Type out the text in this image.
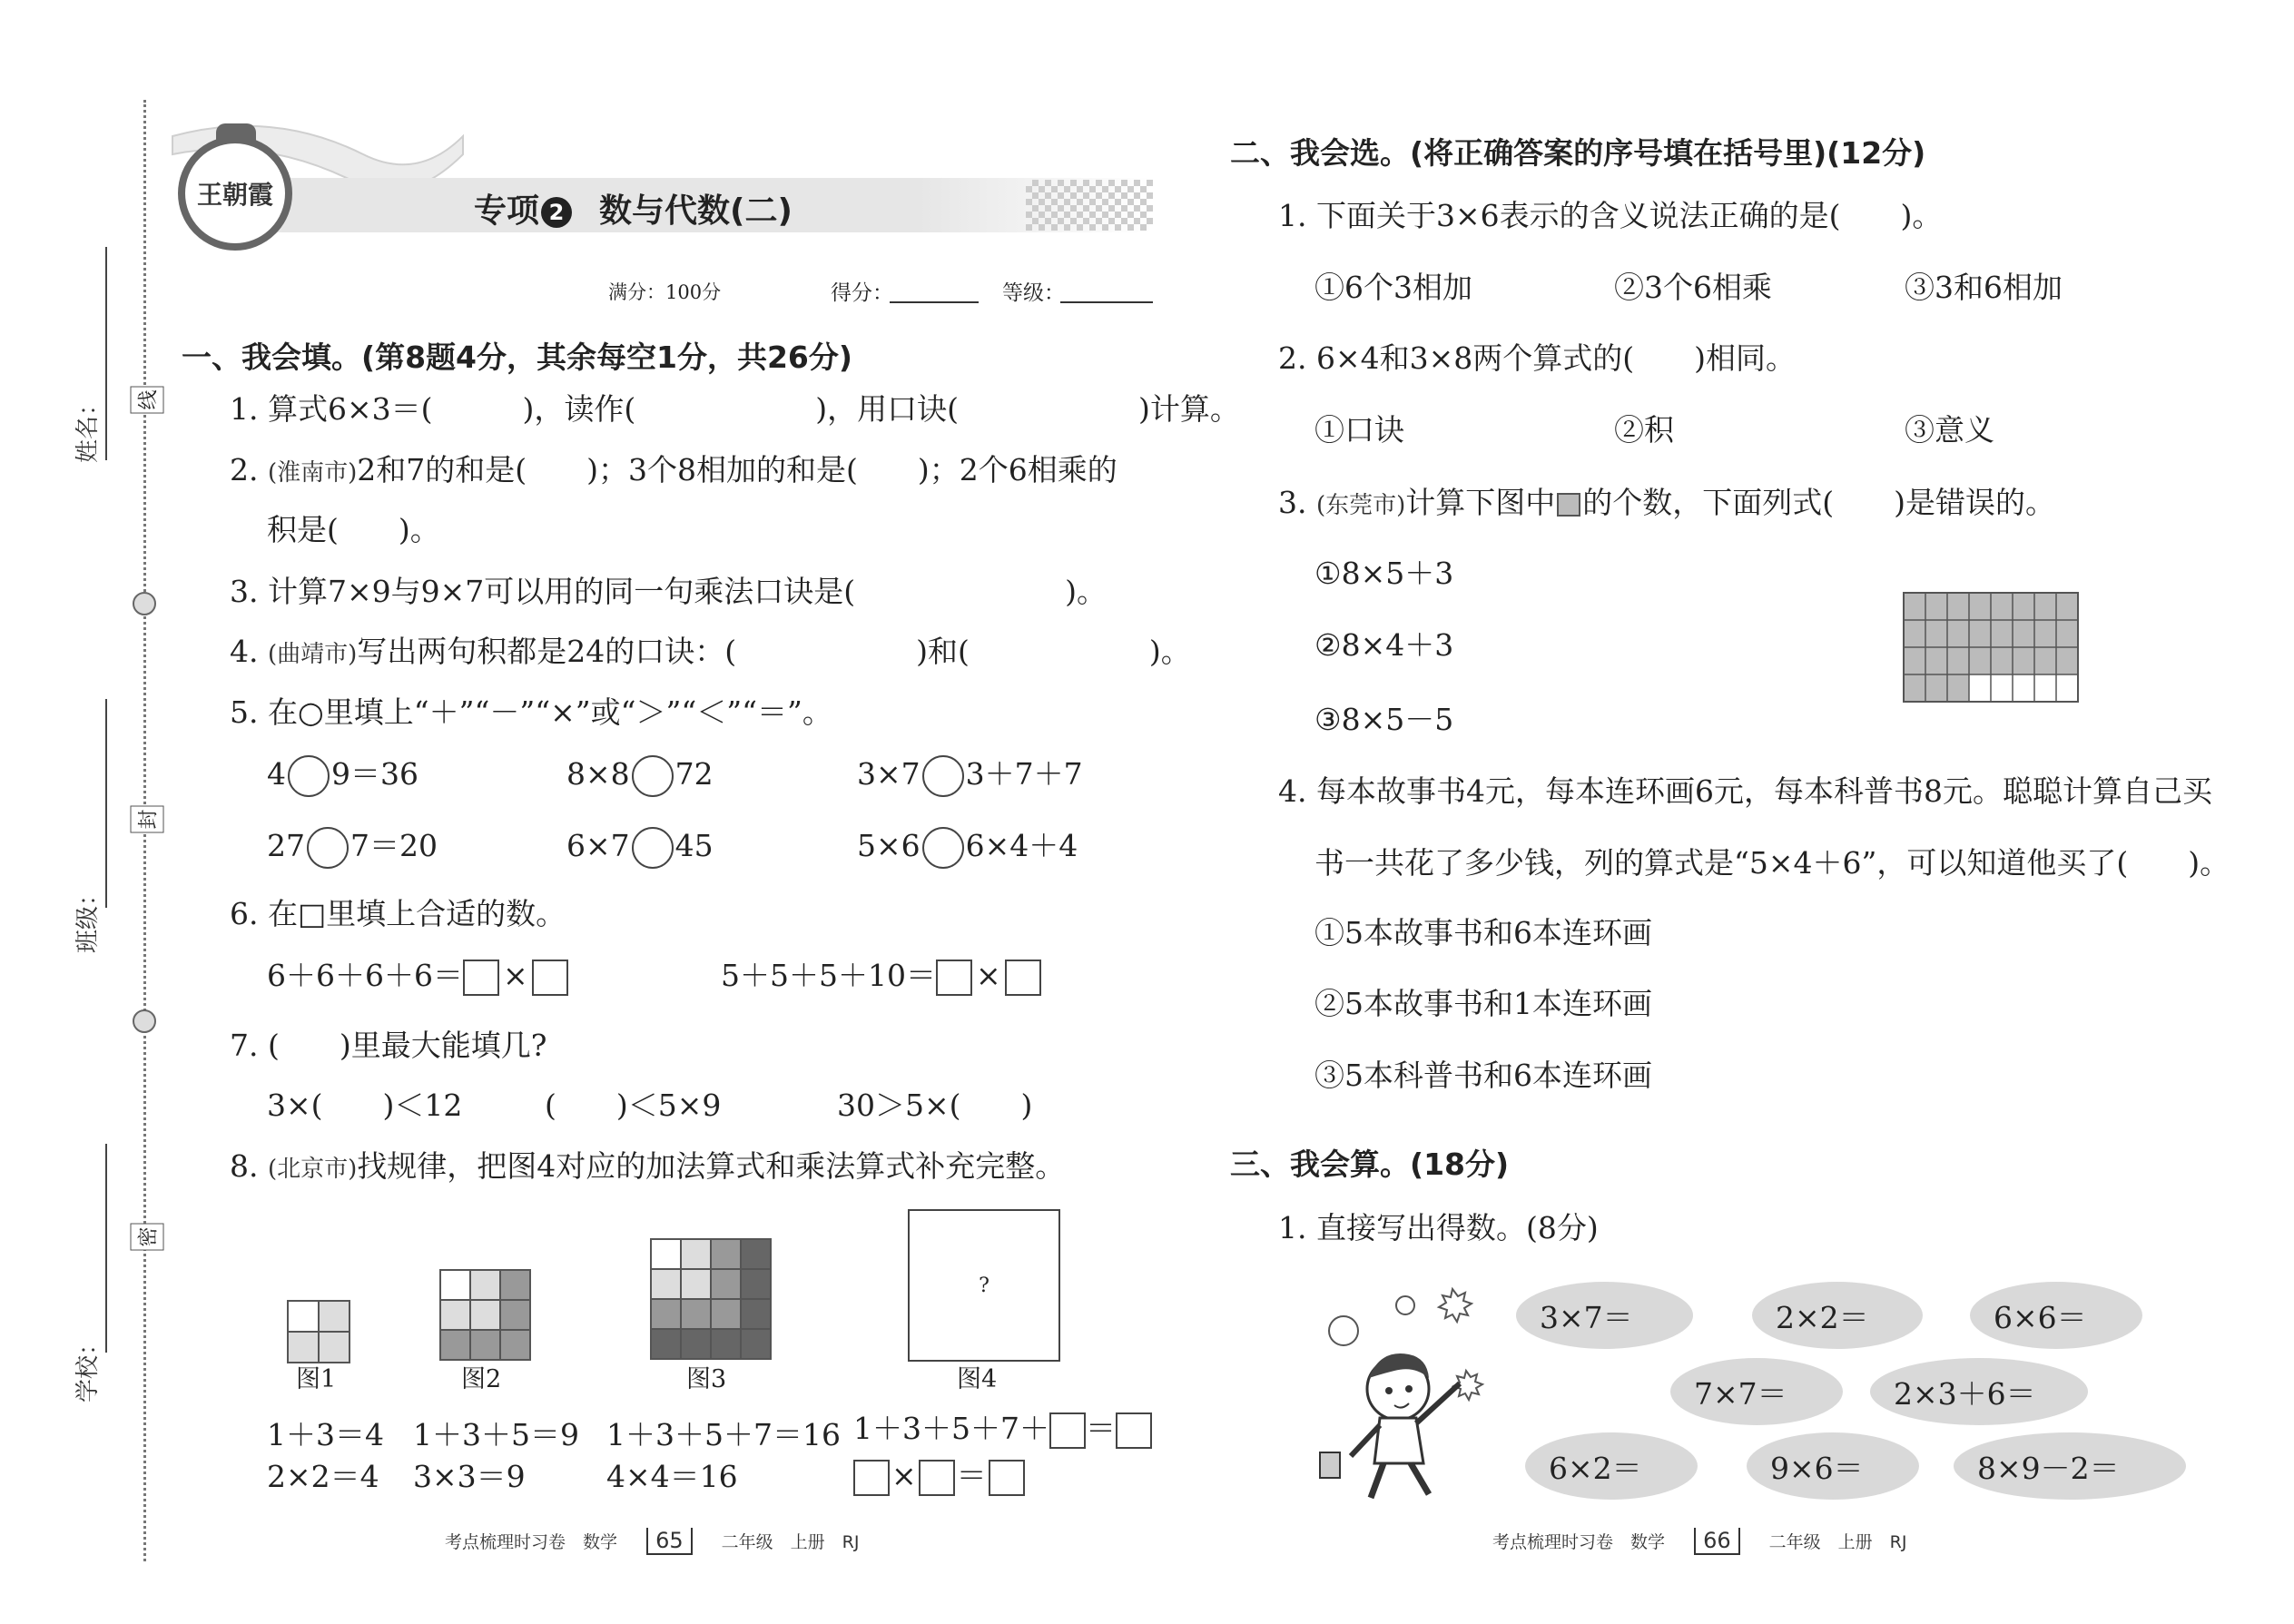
姓名：
班级：
学校：
线
封
密
王朝霞	专项 2 数与代数(二)
满分：100分	得分：	等级：
一、我会填。(第8题4分，其余每空1分，共26分)
1. 算式6×3＝(　　　)，读作(　　　　　　)，用口诀(　　　　　　)计算。
2. (淮南市)2和7的和是(　　)；3个8相加的和是(　　)；2个6相乘的
积是(　　)。
3. 计算7×9与9×7可以用的同一句乘法口诀是(　　　　　　　)。
4. (曲靖市)写出两句积都是24的口诀：(　　　　　　)和(　　　　　　)。
5. 在○里填上“＋”“－”“×”或“＞”“＜”“＝”。
4 9＝36	8×8 72	3×7 3＋7＋7
27 7＝20	6×7 45	5×6 6×4＋4
6. 在□里填上合适的数。
6＋6＋6＋6＝ ×	5＋5＋5＋10＝ ×
7. (　　)里最大能填几?
3×(　　)＜12	(　　)＜5×9	30＞5×(　　)
8. (北京市)找规律，把图4对应的加法算式和乘法算式补充完整。
?
图1	图2	图3	图4
1＋3＝4 1＋3＋5＝9 1＋3＋5＋7＝16 1＋3＋5＋7＋ ＝
2×2＝4 3×3＝9	4×4＝16	× ＝
考点梳理时习卷　数学 65 二年级　上册　RJ
二、我会选。(将正确答案的序号填在括号里)(12分)
1. 下面关于3×6表示的含义说法正确的是(　　)。
①6个3相加	②3个6相乘	③3和6相加
2. 6×4和3×8两个算式的(　　)相同。
①口诀	②积	③意义
3. (东莞市)计算下图中 的个数，下面列式(　　)是错误的。
①8×5＋3
②8×4＋3
③8×5－5
4. 每本故事书4元，每本连环画6元，每本科普书8元。聪聪计算自己买
书一共花了多少钱，列的算式是“5×4＋6”，可以知道他买了(　　)。
①5本故事书和6本连环画
②5本故事书和1本连环画
③5本科普书和6本连环画
三、我会算。(18分)
1. 直接写出得数。(8分)
3×7＝	2×2＝	6×6＝
7×7＝	2×3＋6＝
6×2＝	9×6＝	8×9－2＝
考点梳理时习卷　数学 66 二年级　上册　RJ
